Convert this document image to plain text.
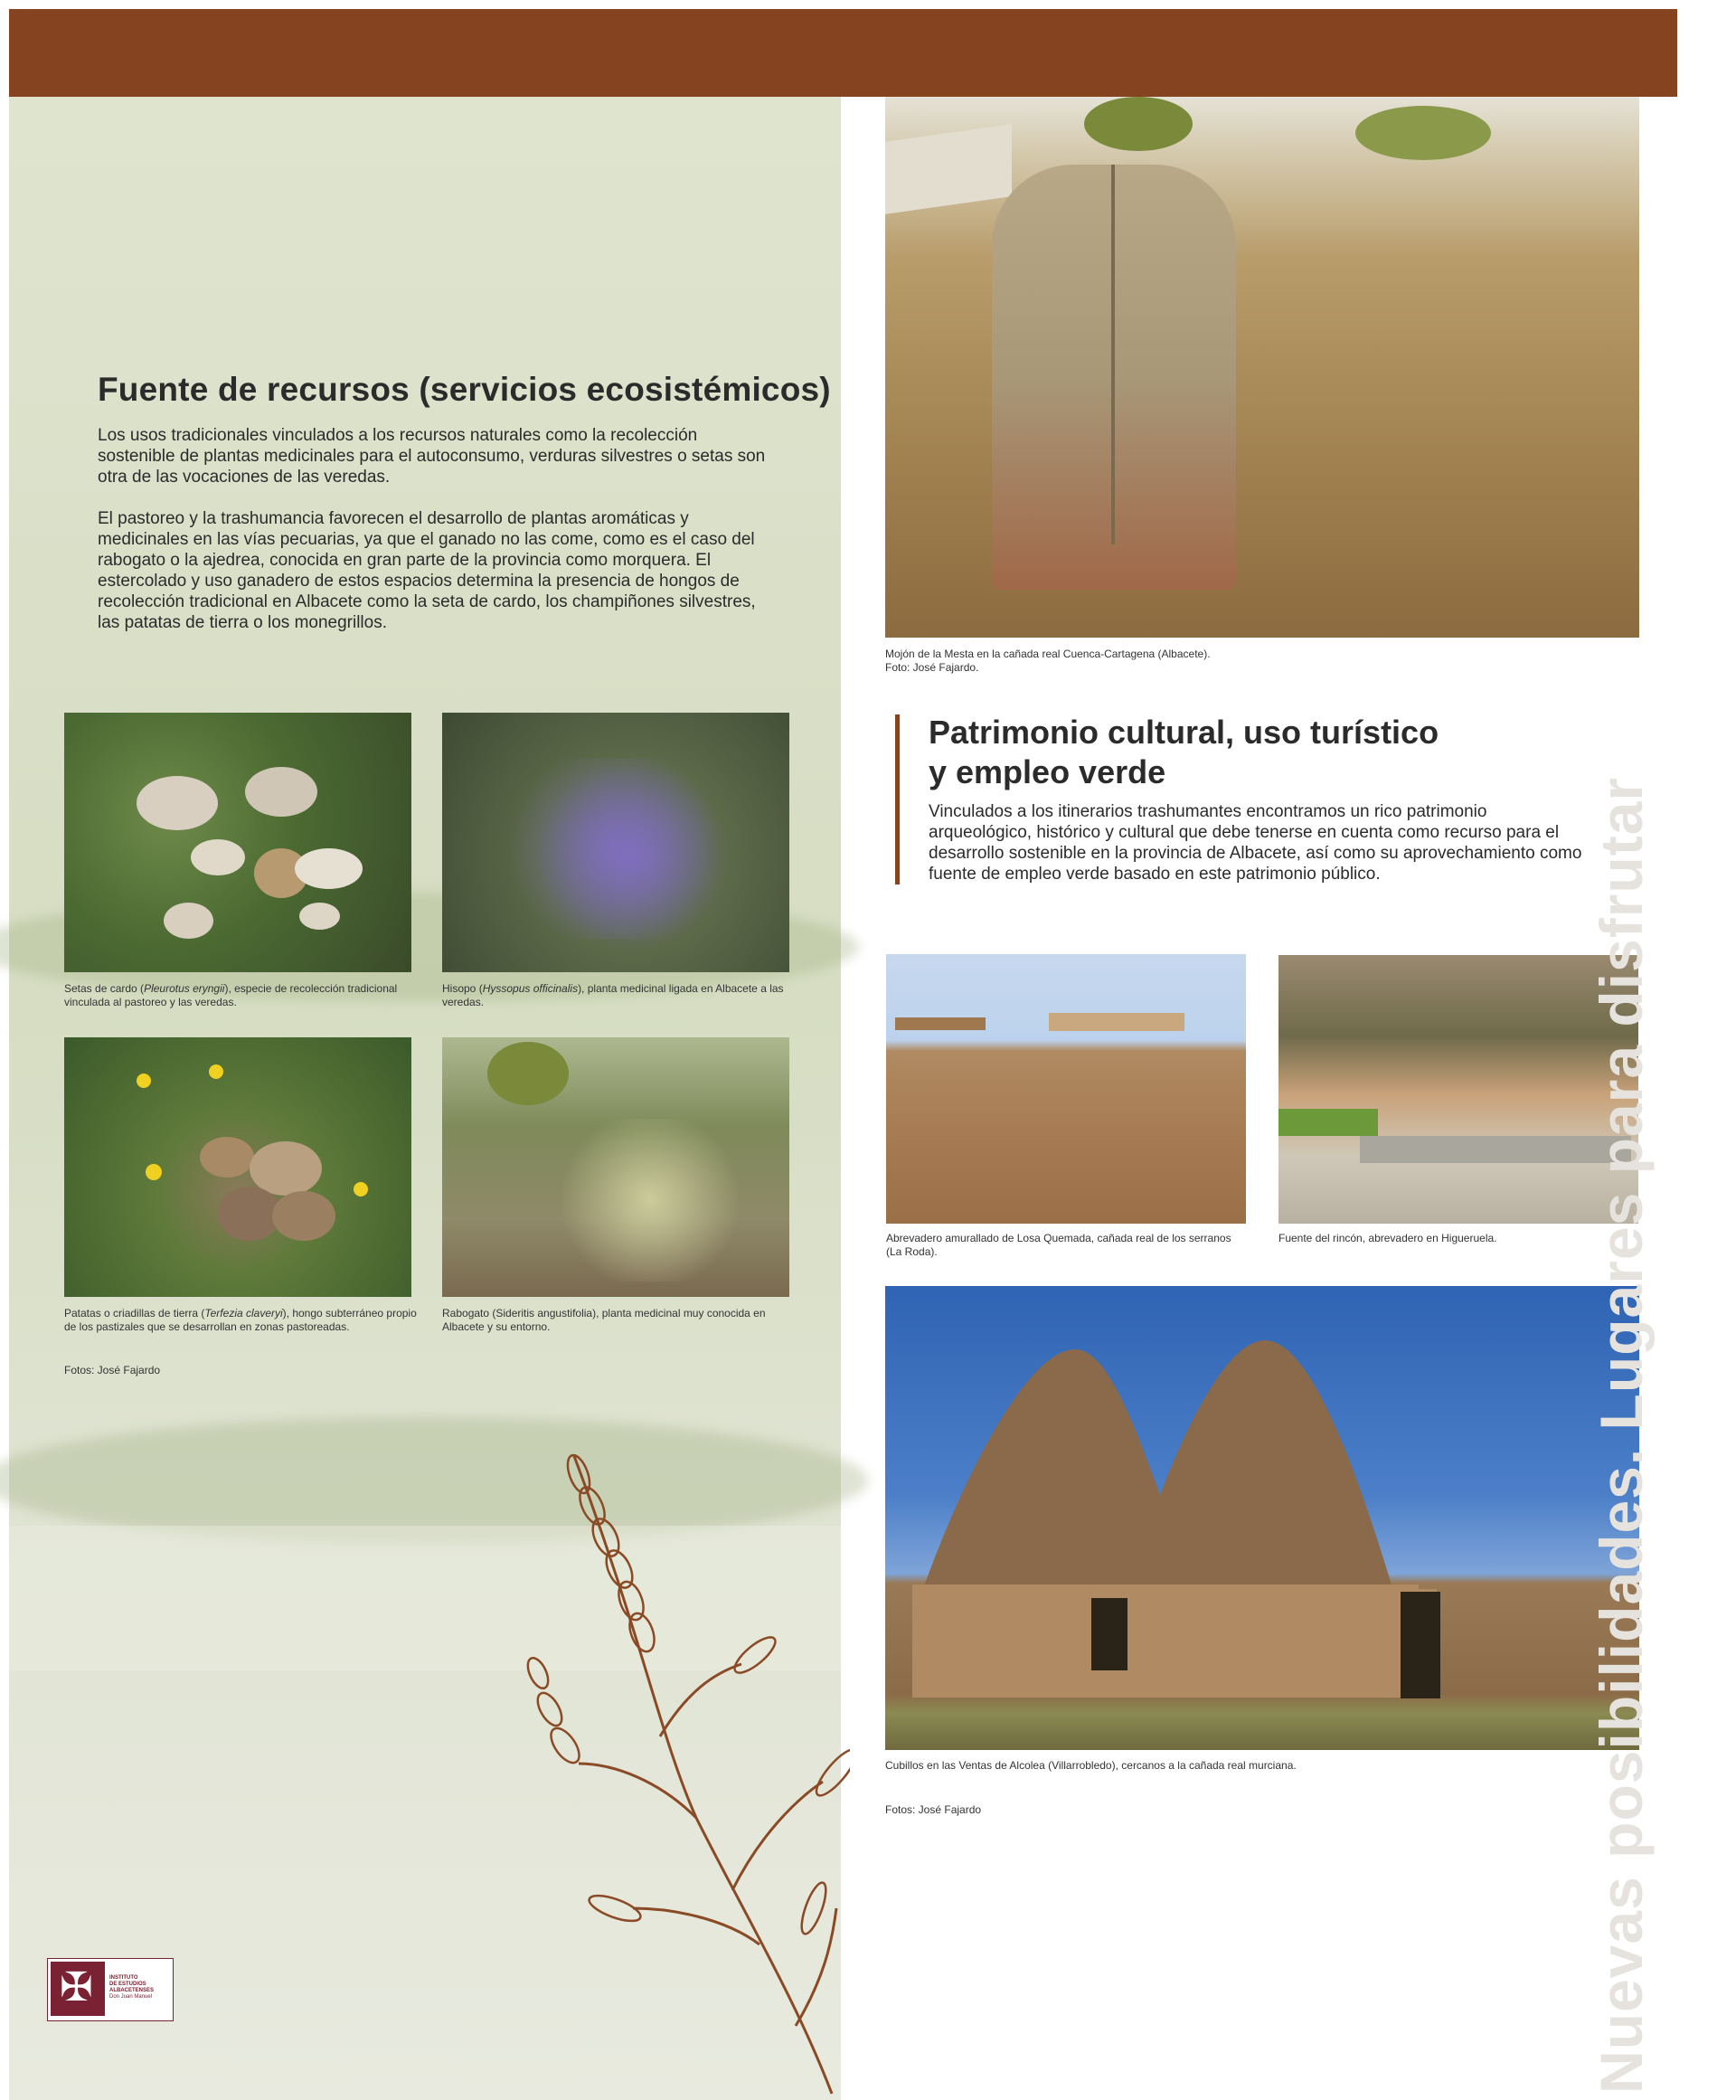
Fuente de recursos (servicios ecosistémicos)
Los usos tradicionales vinculados a los recursos naturales como la recolección sostenible de plantas medicinales para el autoconsumo, verduras silvestres o setas son otra de las vocaciones de las veredas.
El pastoreo y la trashumancia favorecen el desarrollo de plantas aromáticas y medicinales en las vías pecuarias, ya que el ganado no las come, como es el caso del rabogato o la ajedrea, conocida en gran parte de la provincia como morquera. El estercolado y uso ganadero de estos espacios determina la presencia de hongos de recolección tradicional en Albacete como la seta de cardo, los champiñones silvestres, las patatas de tierra o los monegrillos.
Setas de cardo (Pleurotus eryngii), especie de recolección tradicional vinculada al pastoreo y las veredas.
Hisopo (Hyssopus officinalis), planta medicinal ligada en Albacete a las veredas.
Patatas o criadillas de tierra (Terfezia claveryi), hongo subterráneo propio de los pastizales que se desarrollan en zonas pastoreadas.
Rabogato (Sideritis angustifolia), planta medicinal muy conocida en Albacete y su entorno.
Fotos: José Fajardo
✠	INSTITUTO
DE ESTUDIOS
ALBACETENSES
Don Juan Manuel
Mojón de la Mesta en la cañada real Cuenca-Cartagena (Albacete).
Foto: José Fajardo.
Patrimonio cultural, uso turístico
y empleo verde
Vinculados a los itinerarios trashumantes encontramos un rico patrimonio arqueológico, histórico y cultural que debe tenerse en cuenta como recurso para el desarrollo sostenible en la provincia de Albacete, así como su aprovechamiento como fuente de empleo verde basado en este patrimonio público.
Abrevadero amurallado de Losa Quemada, cañada real de los serranos (La Roda).
Fuente del rincón, abrevadero en Higueruela.
Cubillos en las Ventas de Alcolea (Villarrobledo), cercanos a la cañada real murciana.
Fotos: José Fajardo	Nuevas posibilidades. Lugares para disfrutar
